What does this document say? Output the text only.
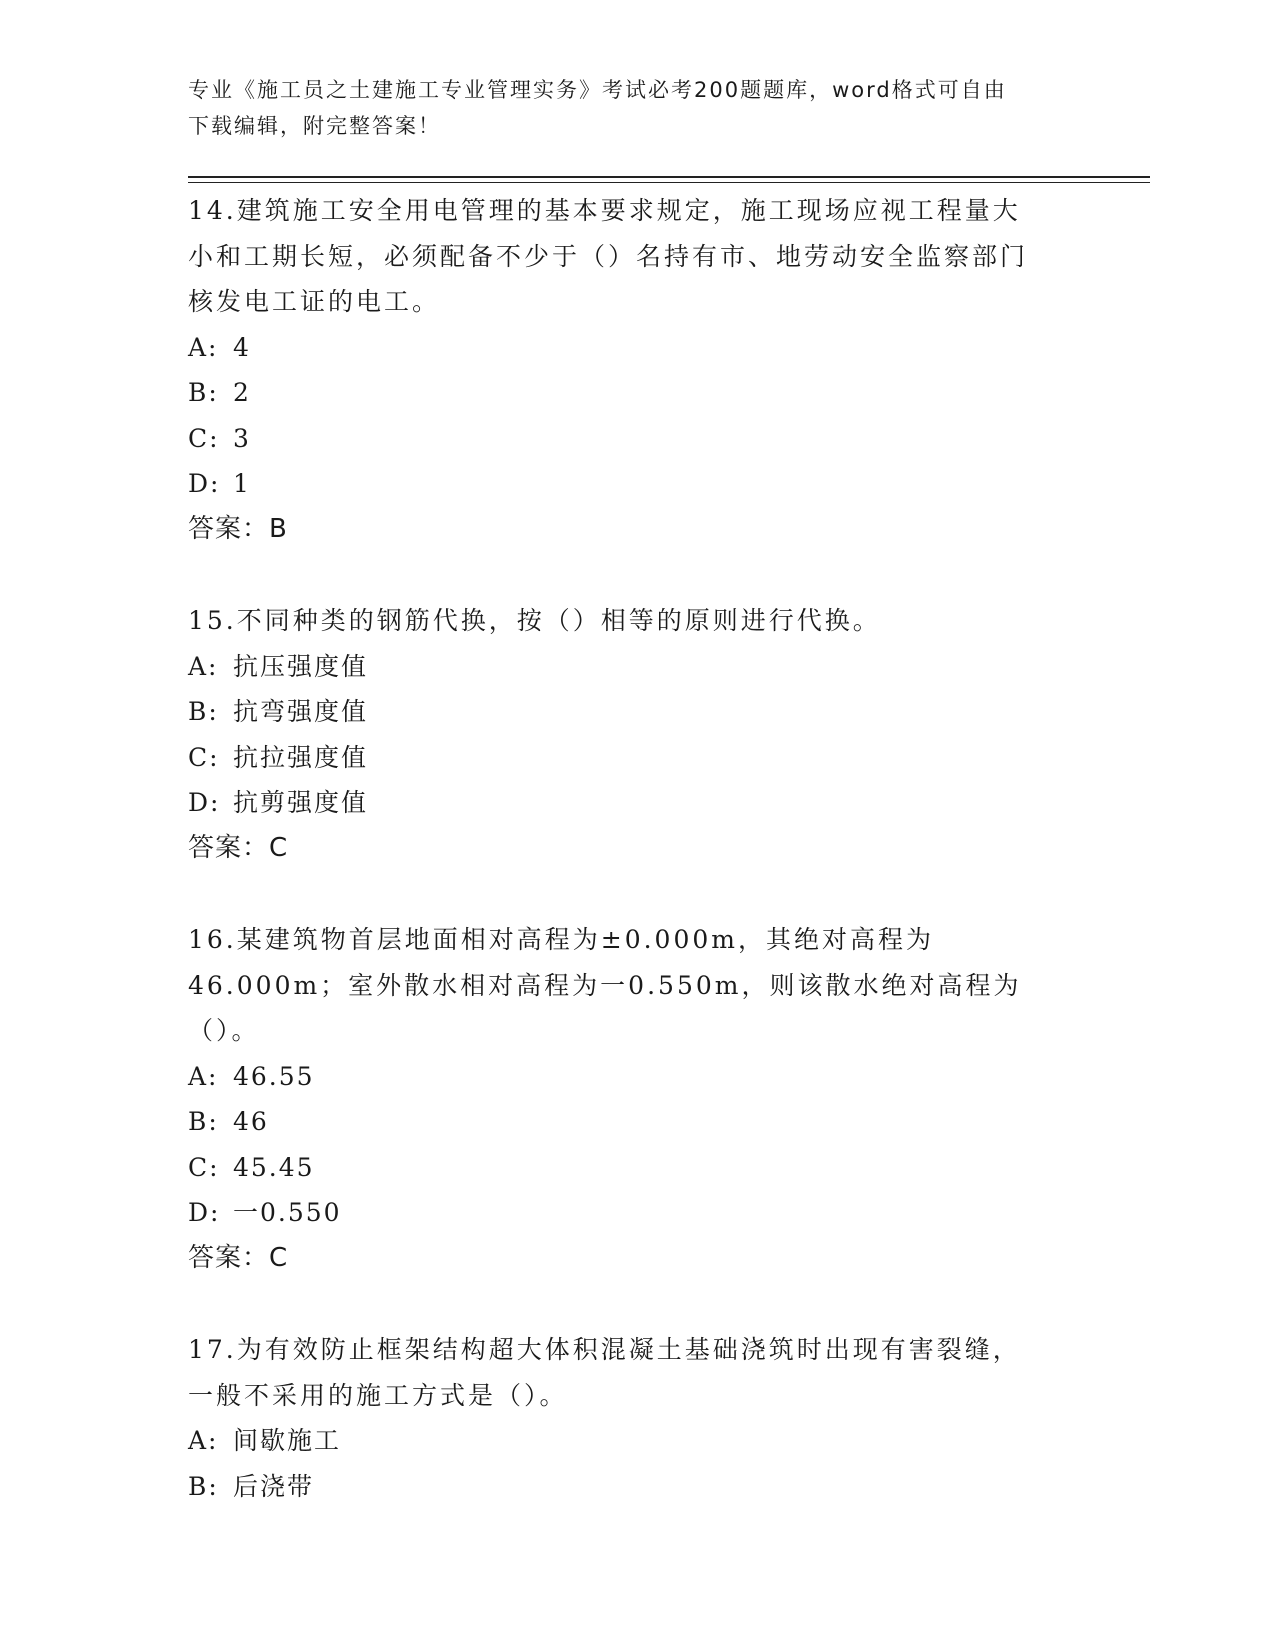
专业《施工员之土建施工专业管理实务》考试必考200题题库，word格式可自由
下载编辑，附完整答案！

14.建筑施工安全用电管理的基本要求规定，施工现场应视工程量大小和工期长短，必须配备不少于（）名持有市、地劳动安全监察部门核发电工证的电工。

A: 4

B: 2

C: 3

D: 1

答案：B

15.不同种类的钢筋代换，按（）相等的原则进行代换。

A: 抗压强度值

B: 抗弯强度值

C: 抗拉强度值

D: 抗剪强度值

答案：C

16.某建筑物首层地面相对高程为±0.000m，其绝对高程为46.000m；室外散水相对高程为一0.550m，则该散水绝对高程为（）。

A: 46.55

B: 46

C: 45.45

D: 一0.550

答案：C

17.为有效防止框架结构超大体积混凝土基础浇筑时出现有害裂缝，一般不采用的施工方式是（）。

A: 间歇施工

B: 后浇带
